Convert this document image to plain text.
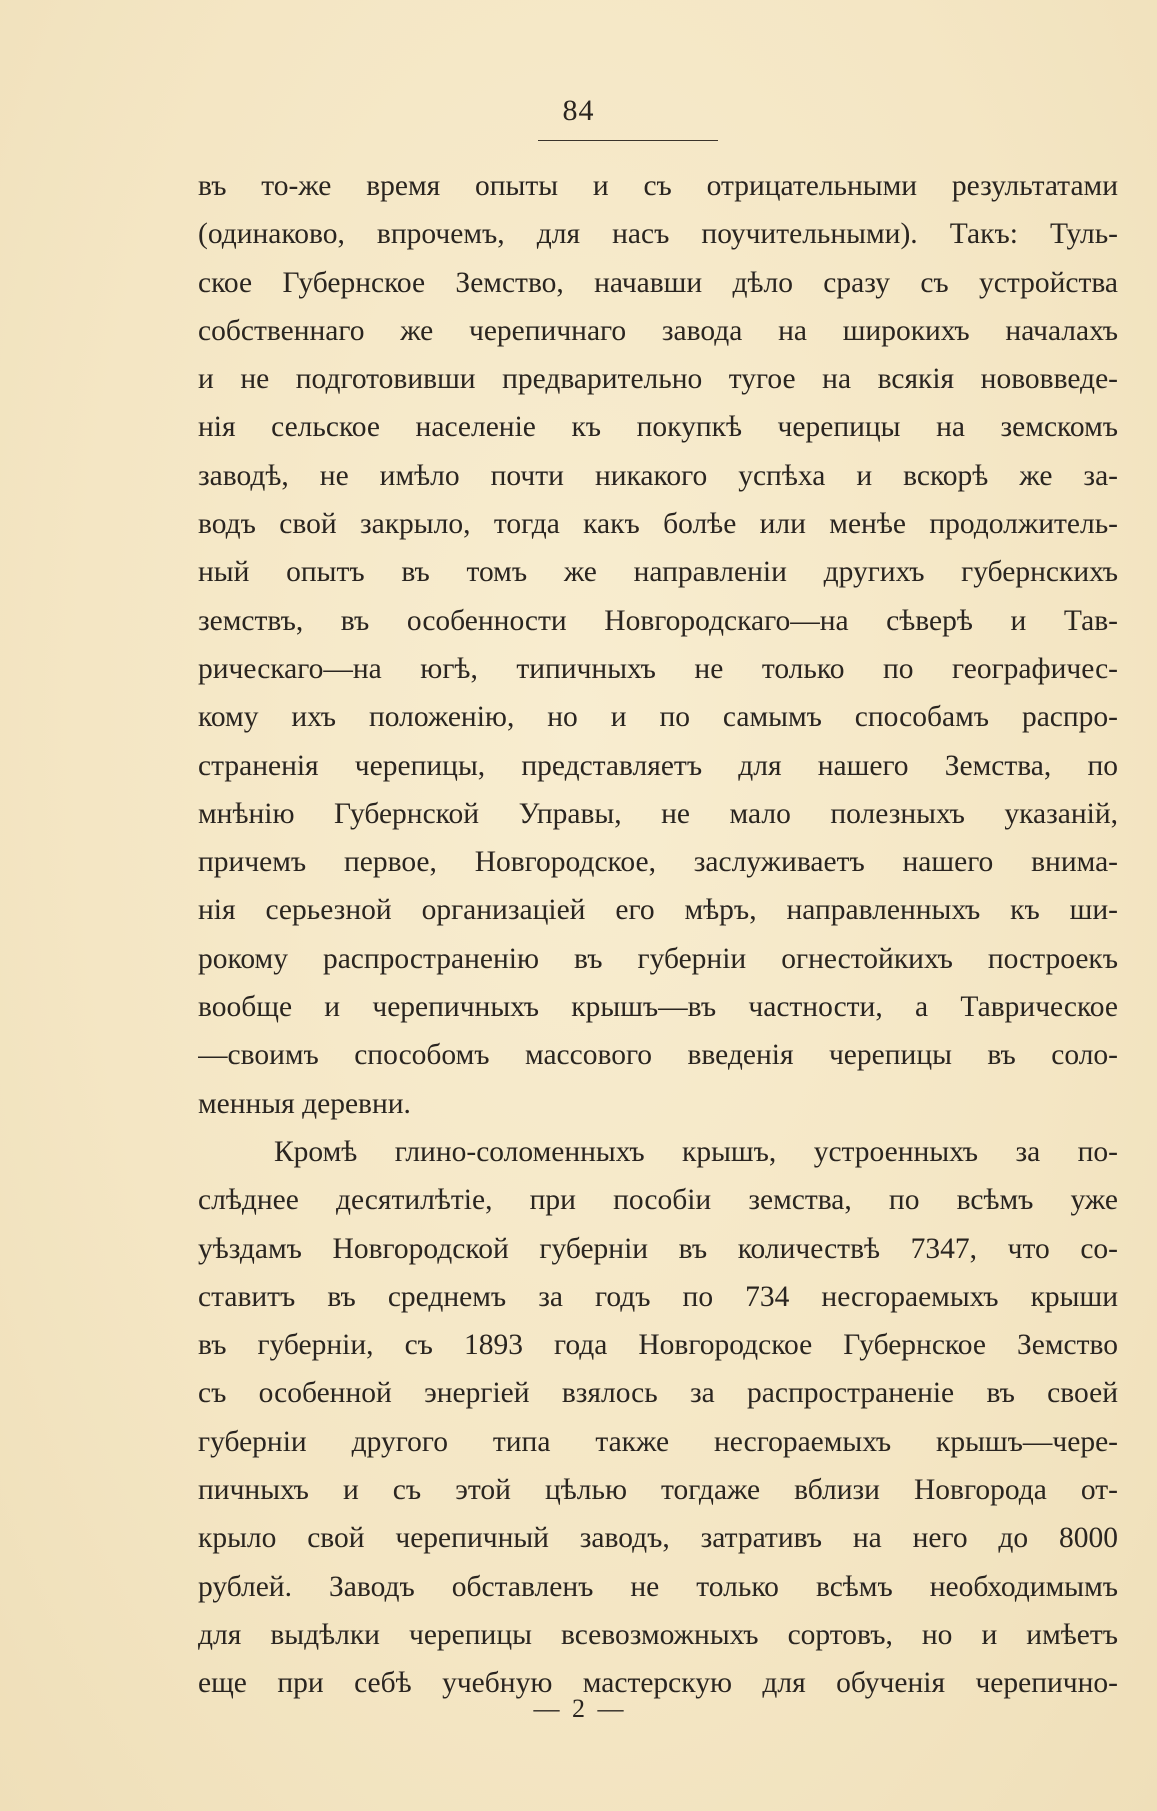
84
въ то-же время опыты и съ отрицательными результатами
(одинаково, впрочемъ, для насъ поучительными). Такъ: Туль-
ское Губернское Земство, начавши дѣло сразу съ устройства
собственнаго же черепичнаго завода на широкихъ началахъ
и не подготовивши предварительно тугое на всякiя нововведе-
нiя сельское населенiе къ покупкѣ черепицы на земскомъ
заводѣ, не имѣло почти никакого успѣха и вскорѣ же за-
водъ свой закрыло, тогда какъ болѣе или менѣе продолжитель-
ный опытъ въ томъ же направленiи другихъ губернскихъ
земствъ, въ особенности Новгородскаго—на сѣверѣ и Тав-
рическаго—на югѣ, типичныхъ не только по географичес-
кому ихъ положенiю, но и по самымъ способамъ распро-
страненiя черепицы, представляетъ для нашего Земства, по
мнѣнiю Губернской Управы, не мало полезныхъ указанiй,
причемъ первое, Новгородское, заслуживаетъ нашего внима-
нiя серьезной организацiей его мѣръ, направленныхъ къ ши-
рокому распространенiю въ губернiи огнестойкихъ построекъ
вообще и черепичныхъ крышъ—въ частности, а Таврическое
—своимъ способомъ массового введенiя черепицы въ соло-
менныя деревни.
Кромѣ глино-соломенныхъ крышъ, устроенныхъ за по-
слѣднее десятилѣтiе, при пособiи земства, по всѣмъ уже
уѣздамъ Новгородской губернiи въ количествѣ 7347, что со-
ставитъ въ среднемъ за годъ по 734 несгораемыхъ крыши
въ губернiи, съ 1893 года Новгородское Губернское Земство
съ особенной энергiей взялось за распространенiе въ своей
губернiи другого типа также несгораемыхъ крышъ—чере-
пичныхъ и съ этой цѣлью тогдаже вблизи Новгорода от-
крыло свой черепичный заводъ, затративъ на него до 8000
рублей. Заводъ обставленъ не только всѣмъ необходимымъ
для выдѣлки черепицы всевозможныхъ сортовъ, но и имѣетъ
еще при себѣ учебную мастерскую для обученiя черепично-
— 2 —
